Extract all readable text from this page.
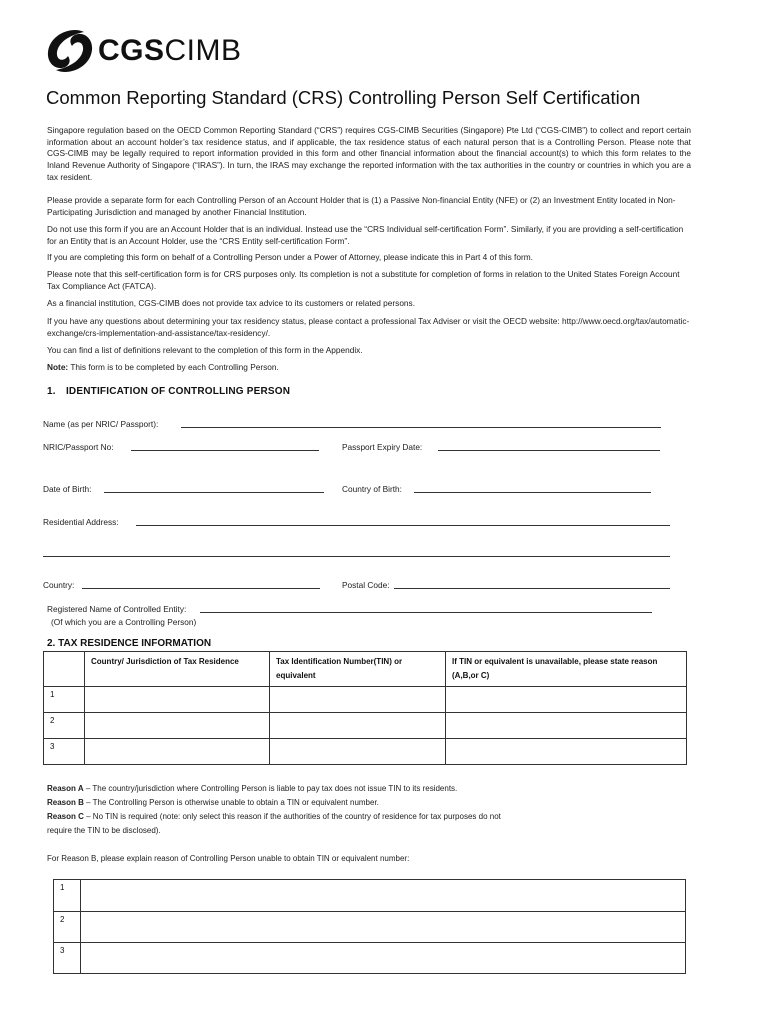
CGSCIMB
Common Reporting Standard (CRS) Controlling Person Self Certification

Singapore regulation based on the OECD Common Reporting Standard (“CRS”) requires CGS-CIMB Securities (Singapore) Pte Ltd (“CGS-CIMB”) to collect and report certain information about an account holder’s tax residence status, and if applicable, the tax residence status of each natural person that is a Controlling Person. Please note that CGS-CIMB may be legally required to report information provided in this form and other financial information about the financial account(s) to which this form relates to the Inland Revenue Authority of Singapore (“IRAS”). In turn, the IRAS may exchange the reported information with the tax authorities in the country or countries in which you are a tax resident.

Please provide a separate form for each Controlling Person of an Account Holder that is (1) a Passive Non-financial Entity (NFE) or (2) an Investment Entity located in Non-Participating Jurisdiction and managed by another Financial Institution.

Do not use this form if you are an Account Holder that is an individual. Instead use the “CRS Individual self-certification Form”. Similarly, if you are providing a self-certification for an Entity that is an Account Holder, use the “CRS Entity self-certification Form”.

If you are completing this form on behalf of a Controlling Person under a Power of Attorney, please indicate this in Part 4 of this form.

Please note that this self-certification form is for CRS purposes only. Its completion is not a substitute for completion of forms in relation to the United States Foreign Account Tax Compliance Act (FATCA).

As a financial institution, CGS-CIMB does not provide tax advice to its customers or related persons.

If you have any questions about determining your tax residency status, please contact a professional Tax Adviser or visit the OECD website: http://www.oecd.org/tax/automatic-exchange/crs-implementation-and-assistance/tax-residency/.

You can find a list of definitions relevant to the completion of this form in the Appendix.

Note: This form is to be completed by each Controlling Person.

1. IDENTIFICATION OF CONTROLLING PERSON
Name (as per NRIC/ Passport):
NRIC/Passport No:	Passport Expiry Date:
Date of Birth:	Country of Birth:
Residential Address:
Country:	Postal Code:
Registered Name of Controlled Entity:
(Of which you are a Controlling Person)
2. TAX RESIDENCE INFORMATION
	Country/ Jurisdiction of Tax Residence	Tax Identification Number(TIN) or equivalent	If TIN or equivalent is unavailable, please state reason (A,B,or C)
1			
2			
3			
Reason A – The country/jurisdiction where Controlling Person is liable to pay tax does not issue TIN to its residents.
Reason B – The Controlling Person is otherwise unable to obtain a TIN or equivalent number.
Reason C – No TIN is required (note: only select this reason if the authorities of the country of residence for tax purposes do not
require the TIN to be disclosed).
For Reason B, please explain reason of Controlling Person unable to obtain TIN or equivalent number:
1	
2	
3	
